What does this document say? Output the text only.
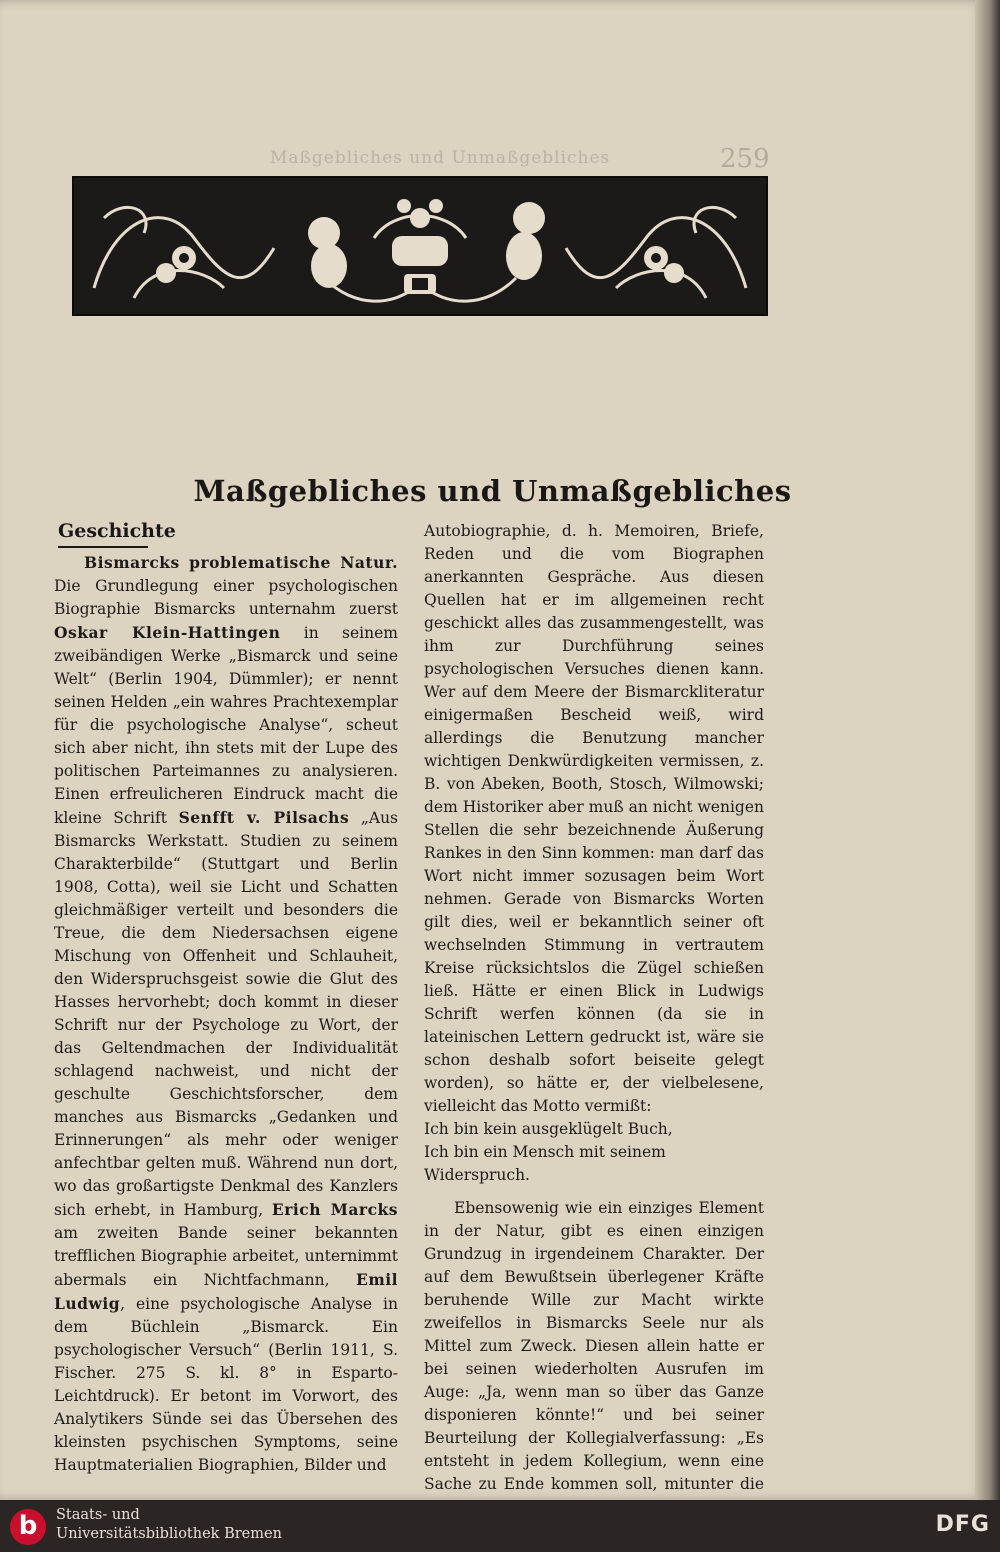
Maßgebliches und Unmaßgebliches	259
Maßgebliches und Unmaßgebliches
Geschichte

Bismarcks problematische Natur. Die Grundlegung einer psychologischen Biographie Bismarcks unternahm zuerst Oskar Klein-Hattingen in seinem zweibändigen Werke „Bismarck und seine Welt“ (Berlin 1904, Dümmler); er nennt seinen Helden „ein wahres Prachtexemplar für die psychologische Analyse“, scheut sich aber nicht, ihn stets mit der Lupe des politischen Parteimannes zu analysieren. Einen erfreulicheren Eindruck macht die kleine Schrift Senfft v. Pilsachs „Aus Bismarcks Werkstatt. Studien zu seinem Charakterbilde“ (Stuttgart und Berlin 1908, Cotta), weil sie Licht und Schatten gleichmäßiger verteilt und besonders die Treue, die dem Niedersachsen eigene Mischung von Offenheit und Schlauheit, den Widerspruchsgeist sowie die Glut des Hasses hervorhebt; doch kommt in dieser Schrift nur der Psychologe zu Wort, der das Geltendmachen der Individualität schlagend nachweist, und nicht der geschulte Geschichtsforscher, dem manches aus Bismarcks „Gedanken und Erinnerungen“ als mehr oder weniger anfechtbar gelten muß. Während nun dort, wo das großartigste Denkmal des Kanzlers sich erhebt, in Hamburg, Erich Marcks am zweiten Bande seiner bekannten trefflichen Biographie arbeitet, unternimmt abermals ein Nichtfachmann, Emil Ludwig, eine psychologische Analyse in dem Büchlein „Bismarck. Ein psychologischer Versuch“ (Berlin 1911, S. Fischer. 275 S. kl. 8° in Esparto-Leichtdruck). Er betont im Vorwort, des Analytikers Sünde sei das Übersehen des kleinsten psychischen Symptoms, seine Hauptmaterialien Biographien, Bilder und

Autobiographie, d. h. Memoiren, Briefe, Reden und die vom Biographen anerkannten Gespräche. Aus diesen Quellen hat er im allgemeinen recht geschickt alles das zusammengestellt, was ihm zur Durchführung seines psychologischen Versuches dienen kann. Wer auf dem Meere der Bismarckliteratur einigermaßen Bescheid weiß, wird allerdings die Benutzung mancher wichtigen Denkwürdigkeiten vermissen, z. B. von Abeken, Booth, Stosch, Wilmowski; dem Historiker aber muß an nicht wenigen Stellen die sehr bezeichnende Äußerung Rankes in den Sinn kommen: man darf das Wort nicht immer sozusagen beim Wort nehmen. Gerade von Bismarcks Worten gilt dies, weil er bekanntlich seiner oft wechselnden Stimmung in vertrautem Kreise rücksichtslos die Zügel schießen ließ. Hätte er einen Blick in Ludwigs Schrift werfen können (da sie in lateinischen Lettern gedruckt ist, wäre sie schon deshalb sofort beiseite gelegt worden), so hätte er, der vielbelesene, vielleicht das Motto vermißt:

Ich bin kein ausgeklügelt Buch,
Ich bin ein Mensch mit seinem Widerspruch.

Ebensowenig wie ein einziges Element in der Natur, gibt es einen einzigen Grundzug in irgendeinem Charakter. Der auf dem Bewußtsein überlegener Kräfte beruhende Wille zur Macht wirkte zweifellos in Bismarcks Seele nur als Mittel zum Zweck. Diesen allein hatte er bei seinen wiederholten Ausrufen im Auge: „Ja, wenn man so über das Ganze disponieren könnte!“ und bei seiner Beurteilung der Kollegialverfassung: „Es entsteht in jedem Kollegium, wenn eine Sache zu Ende kommen soll, mitunter die

b	Staats- und
Universitätsbibliothek Bremen	DFG
